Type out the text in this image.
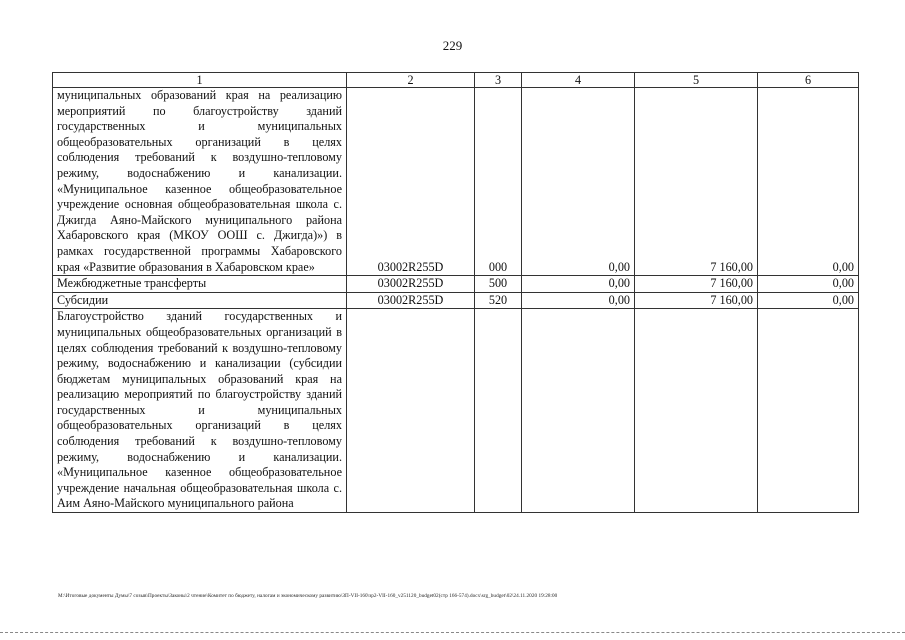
229
1	2	3	4	5	6
муниципальных образований края на реализацию мероприятий по благоустройству зданий государственных и муниципальных общеобразовательных организаций в целях соблюдения требований к воздушно-тепловому режиму, водоснабжению и канализации. «Муниципальное казенное общеобразовательное учреждение основная общеобразовательная школа с. Джигда Аяно-Майского муниципального района Хабаровского края (МКОУ ООШ с. Джигда)») в рамках государственной программы Хабаровского края «Развитие образования в Хабаровском крае»	03002R255D	000	0,00	7 160,00	0,00
Межбюджетные трансферты	03002R255D	500	0,00	7 160,00	0,00
Субсидии	03002R255D	520	0,00	7 160,00	0,00
Благоустройство зданий государственных и муниципальных общеобразовательных организаций в целях соблюдения требований к воздушно-тепловому режиму, водоснабжению и канализации (субсидии бюджетам муниципальных образований края на реализацию мероприятий по благоустройству зданий государственных и муниципальных общеобразовательных организаций в целях соблюдения требований к воздушно-тепловому режиму, водоснабжению и канализации. «Муниципальное казенное общеобразовательное учреждение начальная общеобразовательная школа с. Аим Аяно-Майского муниципального района					
M:\Итоговые документы Думы\7 созыв\Проекты\Законы\2 чтение\Комитет по бюджету, налогам и экономическому развитию\ЗП-VII-160\зр2-VII-160_v251120_budget02(стр 166-574).docx\srg_budget\02\24.11.2020 19:28:00
